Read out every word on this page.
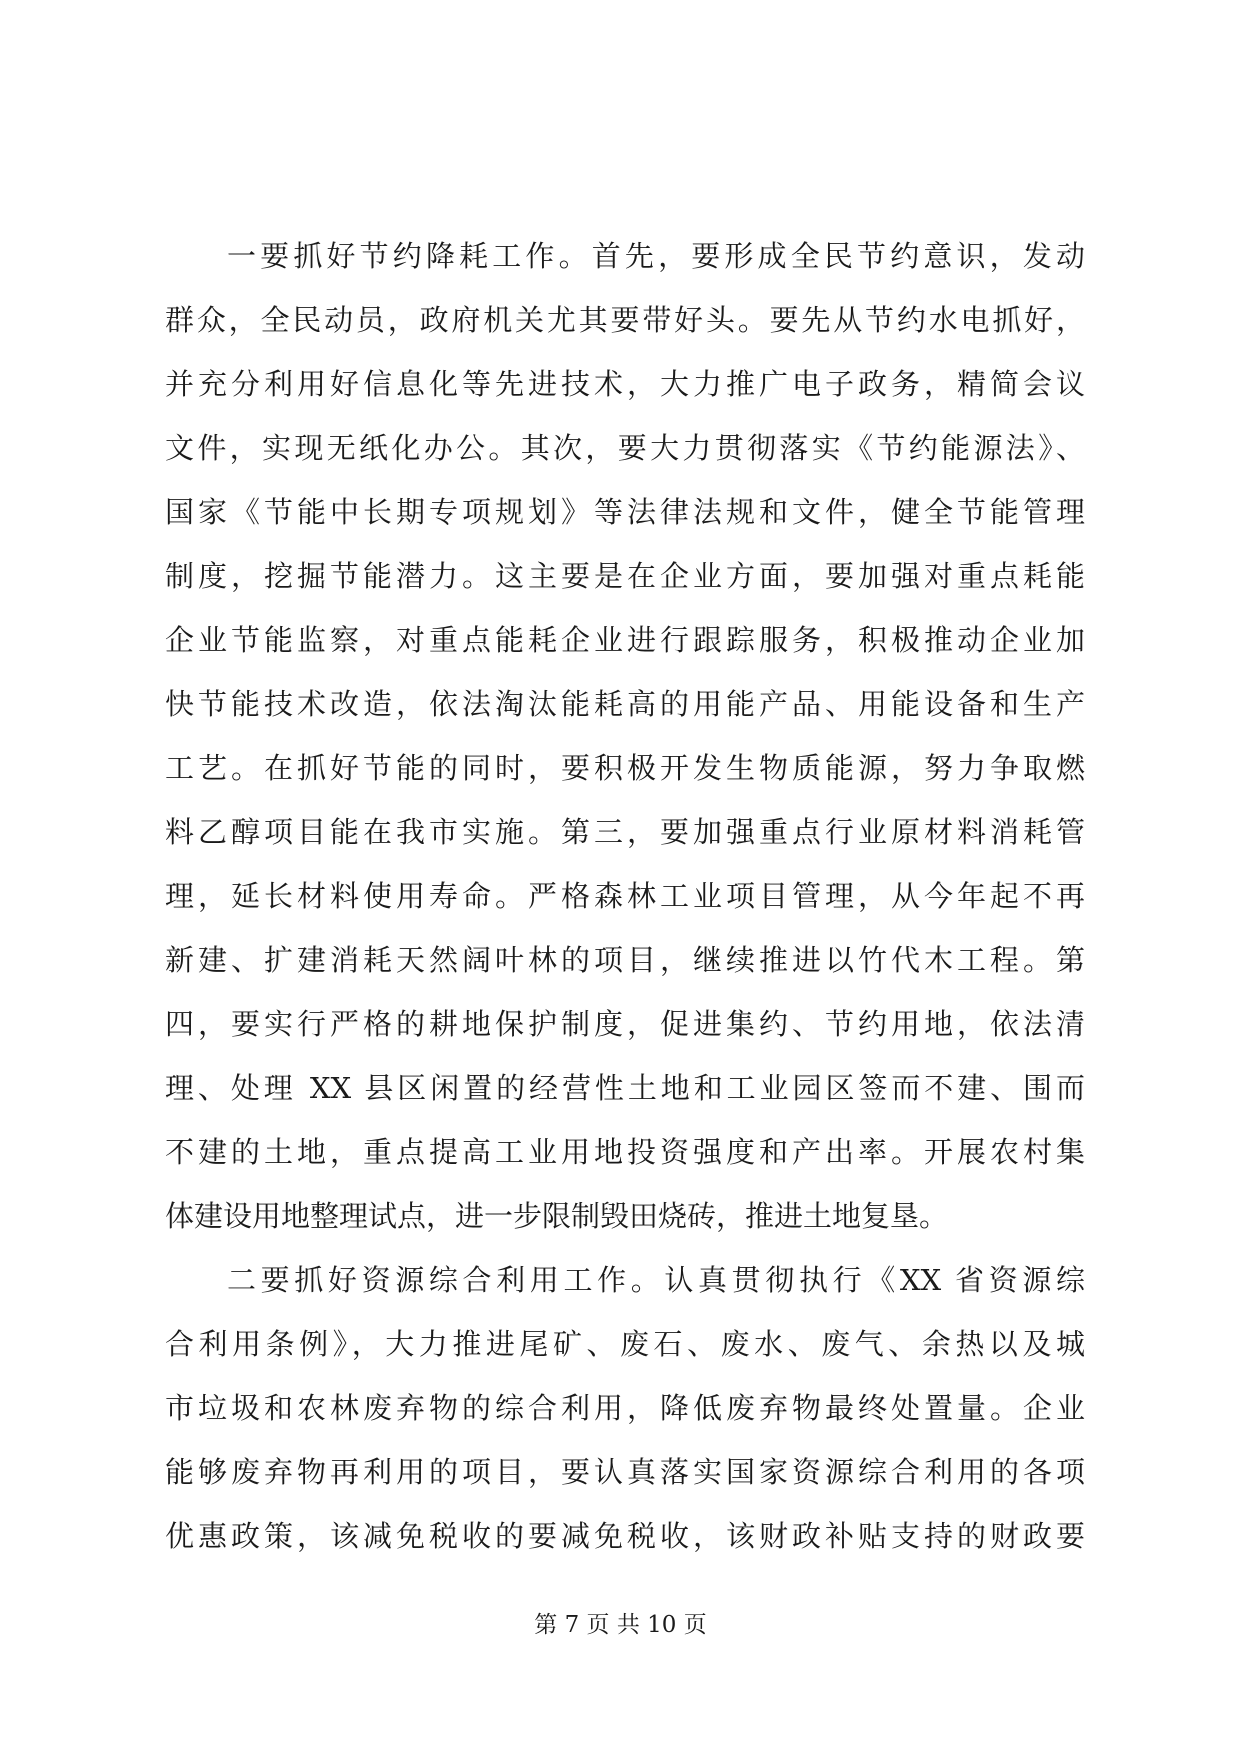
一要抓好节约降耗工作。首先，要形成全民节约意识，发动
群众，全民动员，政府机关尤其要带好头。要先从节约水电抓好，
并充分利用好信息化等先进技术，大力推广电子政务，精简会议
文件，实现无纸化办公。其次，要大力贯彻落实《节约能源法》、
国家《节能中长期专项规划》等法律法规和文件，健全节能管理
制度，挖掘节能潜力。这主要是在企业方面，要加强对重点耗能
企业节能监察，对重点能耗企业进行跟踪服务，积极推动企业加
快节能技术改造，依法淘汰能耗高的用能产品、用能设备和生产
工艺。在抓好节能的同时，要积极开发生物质能源，努力争取燃
料乙醇项目能在我市实施。第三，要加强重点行业原材料消耗管
理，延长材料使用寿命。严格森林工业项目管理，从今年起不再
新建、扩建消耗天然阔叶林的项目，继续推进以竹代木工程。第
四，要实行严格的耕地保护制度，促进集约、节约用地，依法清
理、处理 XX 县区闲置的经营性土地和工业园区签而不建、围而
不建的土地，重点提高工业用地投资强度和产出率。开展农村集
体建设用地整理试点，进一步限制毁田烧砖，推进土地复垦。
二要抓好资源综合利用工作。认真贯彻执行《XX 省资源综
合利用条例》，大力推进尾矿、废石、废水、废气、余热以及城
市垃圾和农林废弃物的综合利用，降低废弃物最终处置量。企业
能够废弃物再利用的项目，要认真落实国家资源综合利用的各项
优惠政策，该减免税收的要减免税收，该财政补贴支持的财政要
第 7 页 共 10 页
